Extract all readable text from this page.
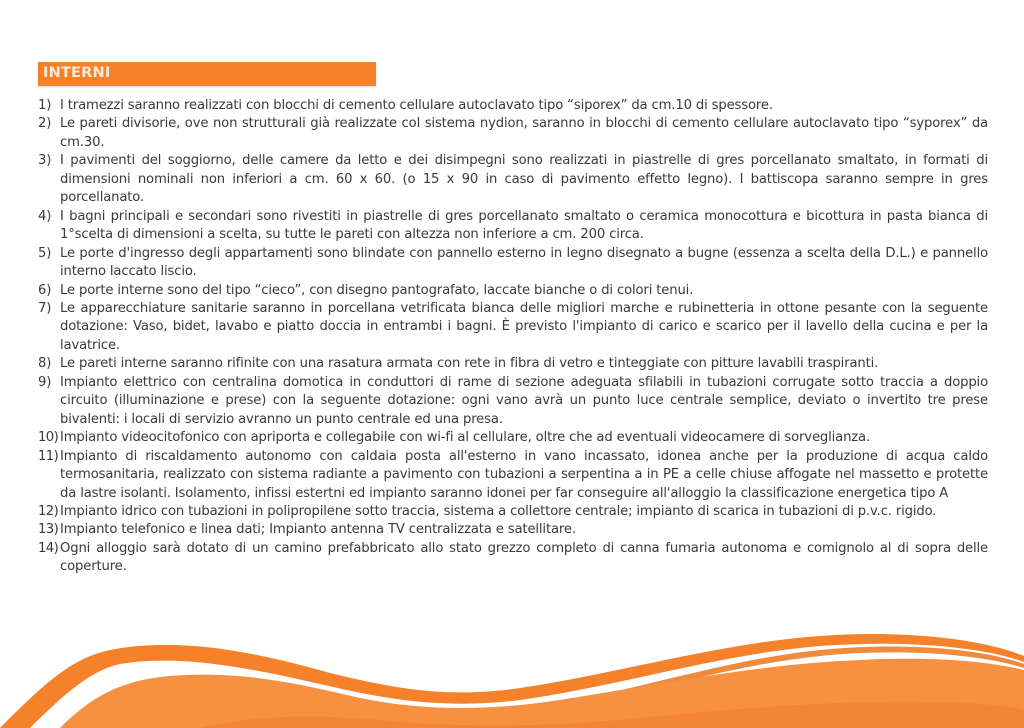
INTERNI
1) I tramezzi saranno realizzati con blocchi di cemento cellulare autoclavato tipo “siporex” da cm.10 di spessore.
2) Le pareti divisorie, ove non strutturali già realizzate col sistema nydion, saranno in blocchi di cemento cellulare autoclavato tipo “syporex” da cm.30.
3) I pavimenti del soggiorno, delle camere da letto e dei disimpegni sono realizzati in piastrelle di gres porcellanato smaltato, in formati di dimensioni nominali non inferiori a cm. 60 x 60. (o 15 x 90 in caso di pavimento effetto legno). I battiscopa saranno sempre in gres porcellanato.
4) I bagni principali e secondari sono rivestiti in piastrelle di gres porcellanato smaltato o ceramica monocottura e bicottura in pasta bianca di 1°scelta di dimensioni a scelta, su tutte le pareti con altezza non inferiore a cm. 200 circa.
5) Le porte d'ingresso degli appartamenti sono blindate con pannello esterno in legno disegnato a bugne (essenza a scelta della D.L.) e pannello interno laccato liscio.
6) Le porte interne sono del tipo “cieco”, con disegno pantografato, laccate bianche o di colori tenui.
7) Le apparecchiature sanitarie saranno in porcellana vetrificata bianca delle migliori marche e rubinetteria in ottone pesante con la seguente dotazione: Vaso, bidet, lavabo e piatto doccia in entrambi i bagni. È previsto l'impianto di carico e scarico per il lavello della cucina e per la lavatrice.
8) Le pareti interne saranno rifinite con una rasatura armata con rete in fibra di vetro e tinteggiate con pitture lavabili traspiranti.
9) Impianto elettrico con centralina domotica in conduttori di rame di sezione adeguata sfilabili in tubazioni corrugate sotto traccia a doppio circuito (illuminazione e prese) con la seguente dotazione: ogni vano avrà un punto luce centrale semplice, deviato o invertito tre prese bivalenti: i locali di servizio avranno un punto centrale ed una presa.
10) Impianto videocitofonico con apriporta e collegabile con wi-fi al cellulare, oltre che ad eventuali videocamere di sorveglianza.
11) Impianto di riscaldamento autonomo con caldaia posta all'esterno in vano incassato, idonea anche per la produzione di acqua caldo termosanitaria, realizzato con sistema radiante a pavimento con tubazioni a serpentina a in PE a celle chiuse affogate nel massetto e protette da lastre isolanti. Isolamento, infissi estertni ed impianto saranno idonei per far conseguire all'alloggio la classificazione energetica tipo A
12) Impianto idrico con tubazioni in polipropilene sotto traccia, sistema a collettore centrale; impianto di scarica in tubazioni di p.v.c. rigido.
13) Impianto telefonico e linea dati; Impianto antenna TV centralizzata e satellitare.
14) Ogni alloggio sarà dotato di un camino prefabbricato allo stato grezzo completo di canna fumaria autonoma e comignolo al di sopra delle coperture.
